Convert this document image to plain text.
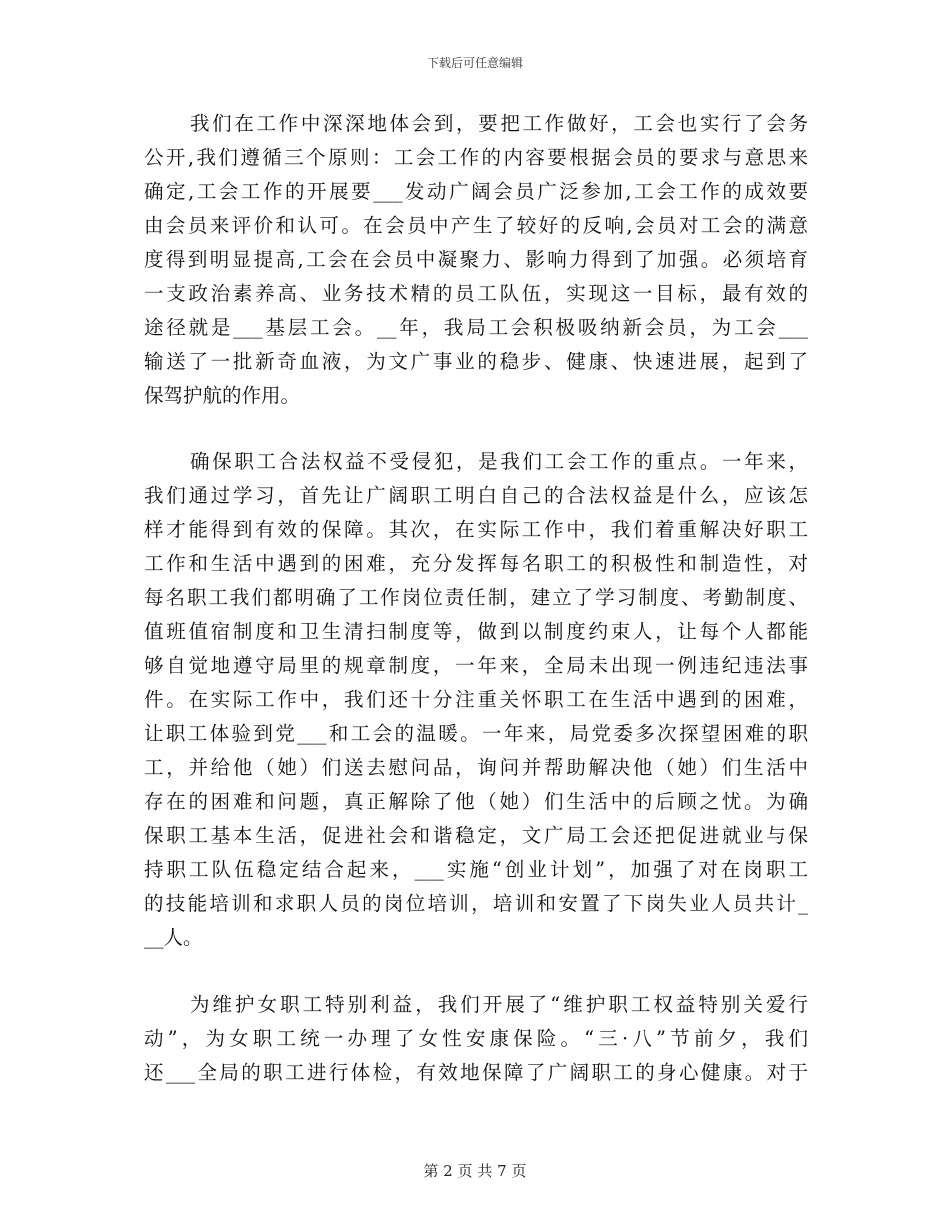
下载后可任意编辑
我们在工作中深深地体会到，要把工作做好，工会也实行了会务
公开,我们遵循三个原则：工会工作的内容要根据会员的要求与意思来
确定,工会工作的开展要___发动广阔会员广泛参加,工会工作的成效要
由会员来评价和认可。在会员中产生了较好的反响,会员对工会的满意
度得到明显提高,工会在会员中凝聚力、影响力得到了加强。必须培育
一支政治素养高、业务技术精的员工队伍，实现这一目标，最有效的
途径就是___基层工会。__年，我局工会积极吸纳新会员，为工会___
输送了一批新奇血液，为文广事业的稳步、健康、快速进展，起到了
保驾护航的作用。
确保职工合法权益不受侵犯，是我们工会工作的重点。一年来，
我们通过学习，首先让广阔职工明白自己的合法权益是什么，应该怎
样才能得到有效的保障。其次，在实际工作中，我们着重解决好职工
工作和生活中遇到的困难，充分发挥每名职工的积极性和制造性，对
每名职工我们都明确了工作岗位责任制，建立了学习制度、考勤制度、
值班值宿制度和卫生清扫制度等，做到以制度约束人，让每个人都能
够自觉地遵守局里的规章制度，一年来，全局未出现一例违纪违法事
件。在实际工作中，我们还十分注重关怀职工在生活中遇到的困难，
让职工体验到党___和工会的温暖。一年来，局党委多次探望困难的职
工，并给他（她）们送去慰问品，询问并帮助解决他（她）们生活中
存在的困难和问题，真正解除了他（她）们生活中的后顾之忧。为确
保职工基本生活，促进社会和谐稳定，文广局工会还把促进就业与保
持职工队伍稳定结合起来，___实施“创业计划”，加强了对在岗职工
的技能培训和求职人员的岗位培训，培训和安置了下岗失业人员共计_
__人。
为维护女职工特别利益，我们开展了“维护职工权益特别关爱行
动”，为女职工统一办理了女性安康保险。“三·八”节前夕，我们
还___全局的职工进行体检，有效地保障了广阔职工的身心健康。对于
第 2 页 共 7 页
